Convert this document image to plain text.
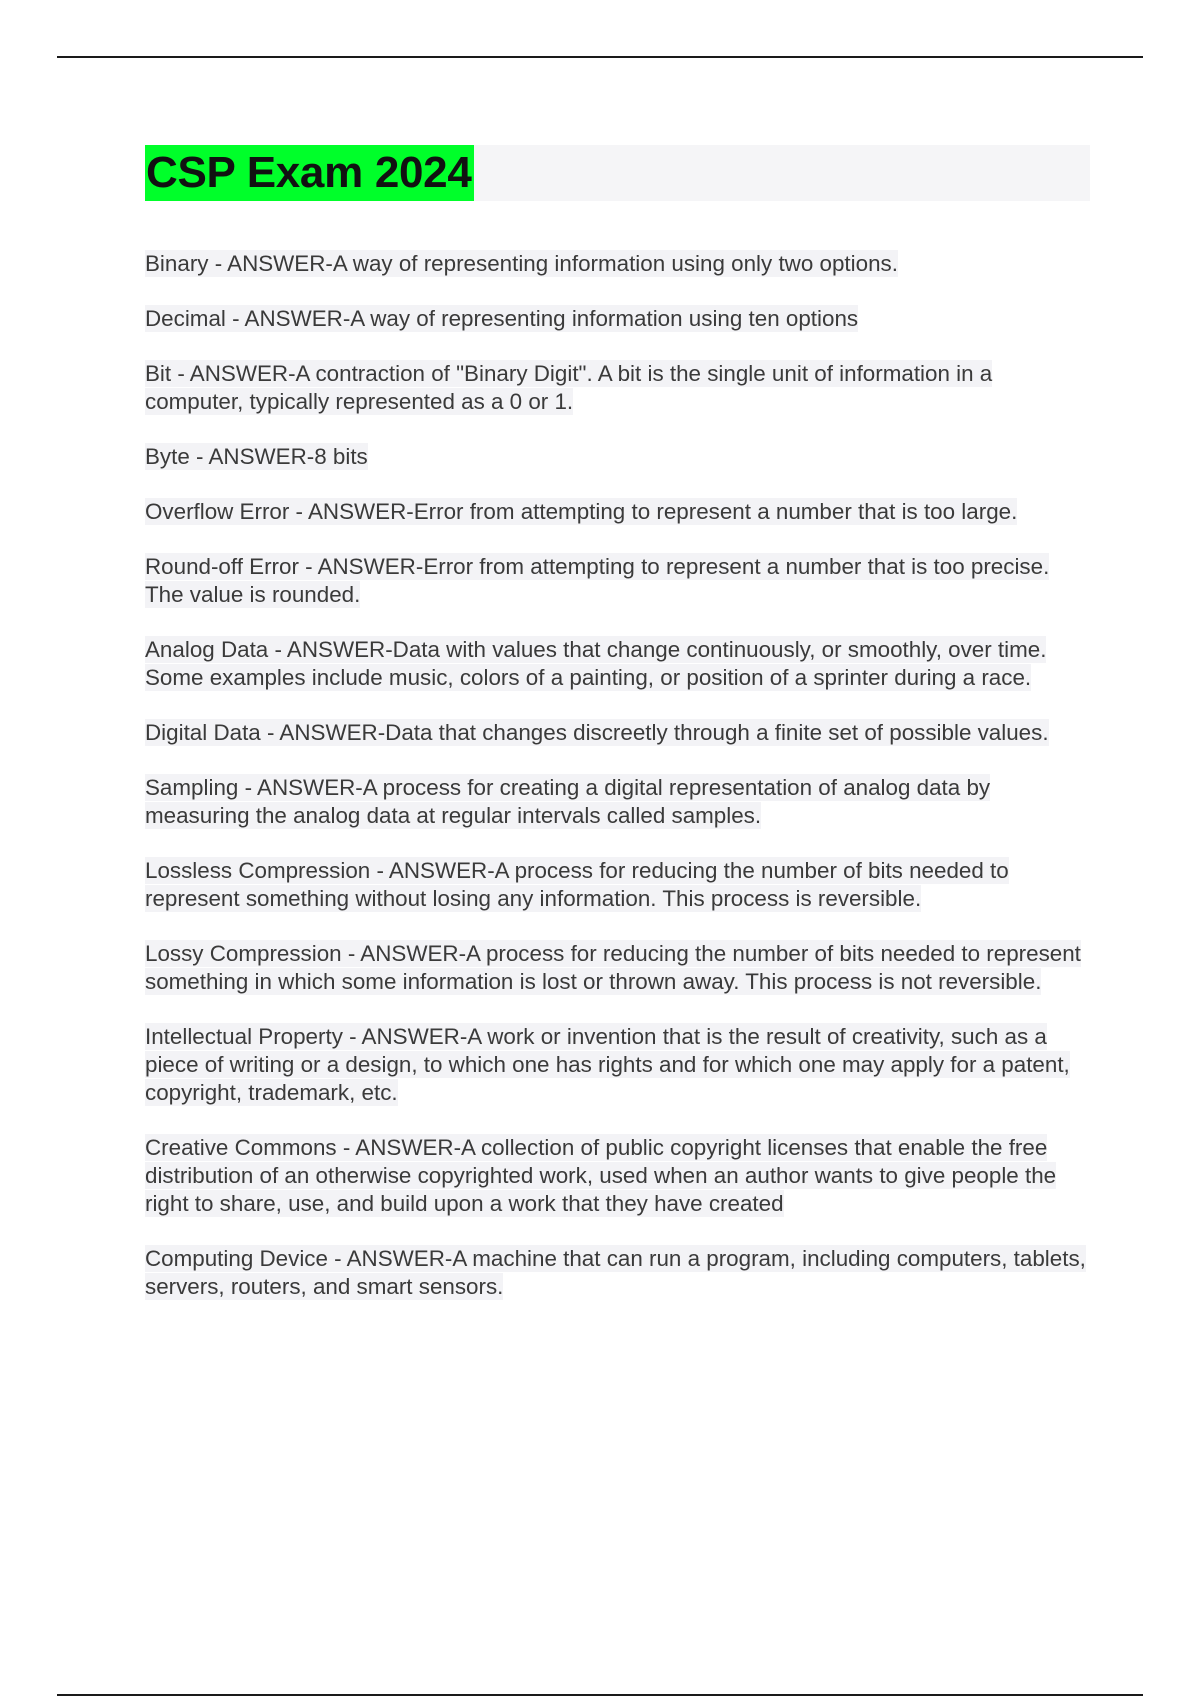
CSP Exam 2024

Binary - ANSWER-A way of representing information using only two options.

Decimal - ANSWER-A way of representing information using ten options

Bit - ANSWER-A contraction of "Binary Digit". A bit is the single unit of information in a computer, typically represented as a 0 or 1.

Byte - ANSWER-8 bits

Overflow Error - ANSWER-Error from attempting to represent a number that is too large.

Round-off Error - ANSWER-Error from attempting to represent a number that is too precise. The value is rounded.

Analog Data - ANSWER-Data with values that change continuously, or smoothly, over time. Some examples include music, colors of a painting, or position of a sprinter during a race.

Digital Data - ANSWER-Data that changes discreetly through a finite set of possible values.

Sampling - ANSWER-A process for creating a digital representation of analog data by measuring the analog data at regular intervals called samples.

Lossless Compression - ANSWER-A process for reducing the number of bits needed to represent something without losing any information. This process is reversible.

Lossy Compression - ANSWER-A process for reducing the number of bits needed to represent something in which some information is lost or thrown away. This process is not reversible.

Intellectual Property - ANSWER-A work or invention that is the result of creativity, such as a piece of writing or a design, to which one has rights and for which one may apply for a patent, copyright, trademark, etc.

Creative Commons - ANSWER-A collection of public copyright licenses that enable the free distribution of an otherwise copyrighted work, used when an author wants to give people the right to share, use, and build upon a work that they have created

Computing Device - ANSWER-A machine that can run a program, including computers, tablets, servers, routers, and smart sensors.
